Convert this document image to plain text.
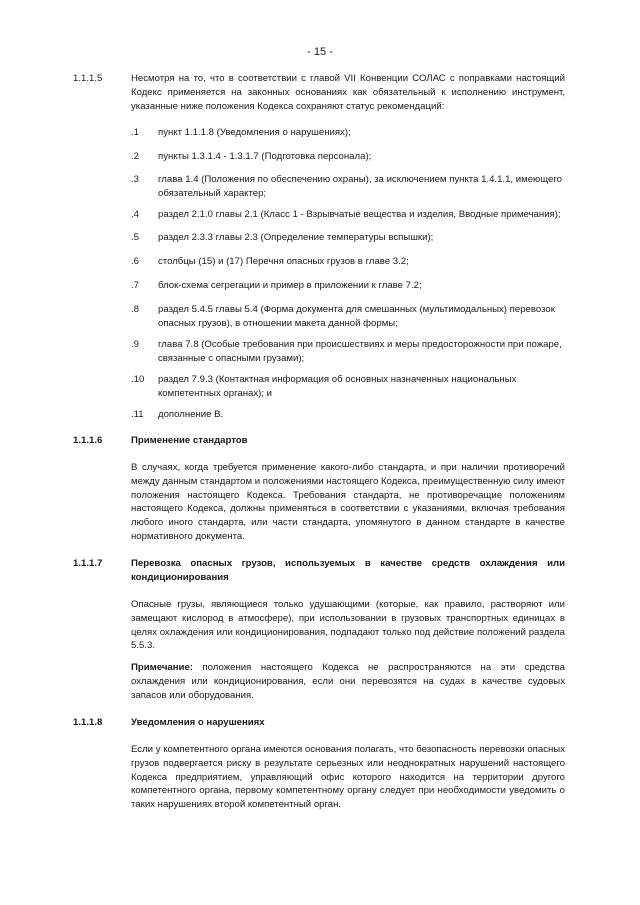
- 15 -
1.1.1.5	Несмотря на то, что в соответствии с главой VII Конвенции СОЛАС с поправками настоящий Кодекс применяется на законных основаниях как обязательный к исполнению инструмент, указанные ниже положения Кодекса сохраняют статус рекомендаций:
.1 пункт 1.1.1.8 (Уведомления о нарушениях);
.2 пункты 1.3.1.4 - 1.3.1.7 (Подготовка персонала);
.3 глава 1.4 (Положения по обеспечению охраны), за исключением пункта 1.4.1.1, имеющего обязательный характер;
.4 раздел 2.1.0 главы 2.1 (Класс 1 - Взрывчатые вещества и изделия, Вводные примечания);
.5 раздел 2.3.3 главы 2.3 (Определение температуры вспышки);
.6 столбцы (15) и (17) Перечня опасных грузов в главе 3.2;
.7 блок-схема сегрегации и пример в приложении к главе 7.2;
.8 раздел 5.4.5 главы 5.4 (Форма документа для смешанных (мультимодальных) перевозок опасных грузов), в отношении макета данной формы;
.9 глава 7.8 (Особые требования при происшествиях и меры предосторожности при пожаре, связанные с опасными грузами);
.10 раздел 7.9.3 (Контактная информация об основных назначенных национальных компетентных органах); и
.11 дополнение В.
1.1.1.6	Применение стандартов
В случаях, когда требуется применение какого-либо стандарта, и при наличии противоречий между данным стандартом и положениями настоящего Кодекса, преимущественную силу имеют положения настоящего Кодекса. Требования стандарта, не противоречащие положениям настоящего Кодекса, должны применяться в соответствии с указаниями, включая требования любого иного стандарта, или части стандарта, упомянутого в данном стандарте в качестве нормативного документа.
1.1.1.7	Перевозка опасных грузов, используемых в качестве средств охлаждения или кондиционирования
Опасные грузы, являющиеся только удушающими (которые, как правило, растворяют или замещают кислород в атмосфере), при использовании в грузовых транспортных единицах в целях охлаждения или кондиционирования, подпадают только под действие положений раздела 5.5.3.
Примечание: положения настоящего Кодекса не распространяются на эти средства охлаждения или кондиционирования, если они перевозятся на судах в качестве судовых запасов или оборудования.
1.1.1.8	Уведомления о нарушениях
Если у компетентного органа имеются основания полагать, что безопасность перевозки опасных грузов подвергается риску в результате серьезных или неоднократных нарушений настоящего Кодекса предприятием, управляющий офис которого находится на территории другого компетентного органа, первому компетентному органу следует при необходимости уведомить о таких нарушениях второй компетентный орган.
